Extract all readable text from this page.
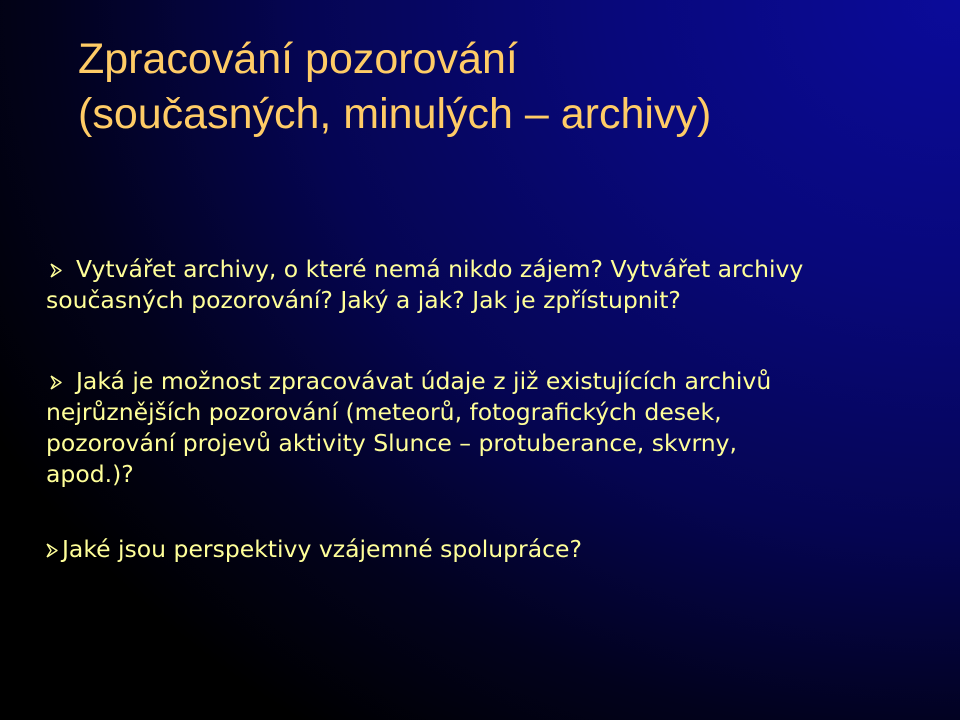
Zpracování pozorování
(současných, minulých – archivy)
Vytvářet archivy, o které nemá nikdo zájem? Vytvářet archivy
současných pozorování? Jaký a jak? Jak je zpřístupnit?
Jaká je možnost zpracovávat údaje z již existujících archivů
nejrůznějších pozorování (meteorů, fotografických desek,
pozorování projevů aktivity Slunce – protuberance, skvrny,
apod.)?
Jaké jsou perspektivy vzájemné spolupráce?
